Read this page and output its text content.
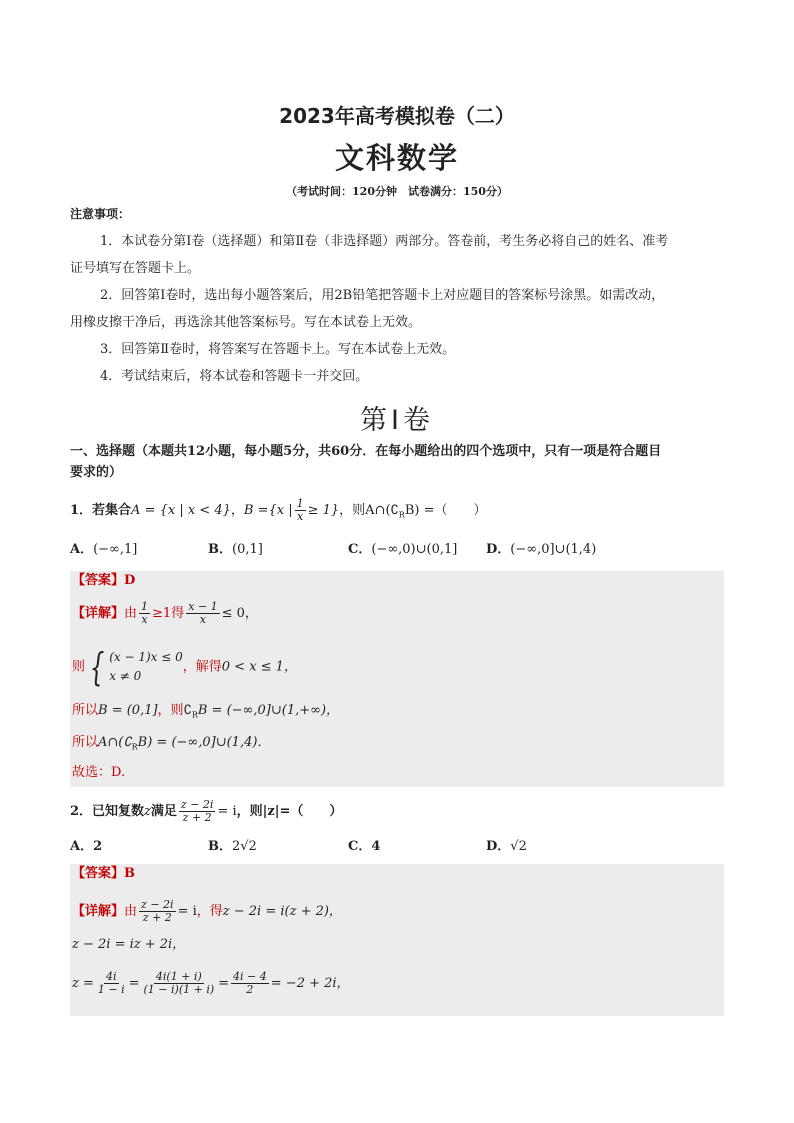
2023年高考模拟卷（二）
文科数学
（考试时间：120分钟　试卷满分：150分）
注意事项：
1．本试卷分第Ⅰ卷（选择题）和第Ⅱ卷（非选择题）两部分。答卷前，考生务必将自己的姓名、准考
证号填写在答题卡上。
2．回答第Ⅰ卷时，选出每小题答案后，用2B铅笔把答题卡上对应题目的答案标号涂黑。如需改动，
用橡皮擦干净后，再选涂其他答案标号。写在本试卷上无效。
3．回答第Ⅱ卷时，将答案写在答题卡上。写在本试卷上无效。
4．考试结束后，将本试卷和答题卡一并交回。
第Ⅰ卷
一、选择题（本题共12小题，每小题5分，共60分．在每小题给出的四个选项中，只有一项是符合题目
要求的）
1．若集合A = {x | x < 4}，B ={x | $\frac{1}{x} \ge 1$}，则$A\cap(∁_RB)$ =（　　）
A．(−∞,1]	B．(0,1]	C．(−∞,0)∪(0,1] D．(−∞,0]∪(1,4)
【答案】D
【详解】由 $\frac{1}{x} \ge 1$得 $\frac{x - 1}{x} \le 0$，
则 { (x − 1)x ≤ 0
x ≠ 0
，解得0 < x ≤ 1，
所以B = (0,1]，则$∁_RB$ = (−∞,0]∪(1,+∞)，
所以$A\cap(∁_RB)$ = (−∞,0]∪(1,4)．
故选：D.
2．已知复数z满足 $\frac{z - 2i}{z + 2} = i$，则|z|=（　　）
A．2	B．2√2	C．4	D．√2
【答案】B
【详解】由 $\frac{z - 2i}{z + 2} = i$，得z − 2i = i(z + 2)，
z − 2i = iz + 2i，
$z = \frac{4i}{1 - i} = \frac{4i(1 + i)}{(1 - i)(1 + i)} = \frac{4i - 4}{2} = -2 + 2i$，
